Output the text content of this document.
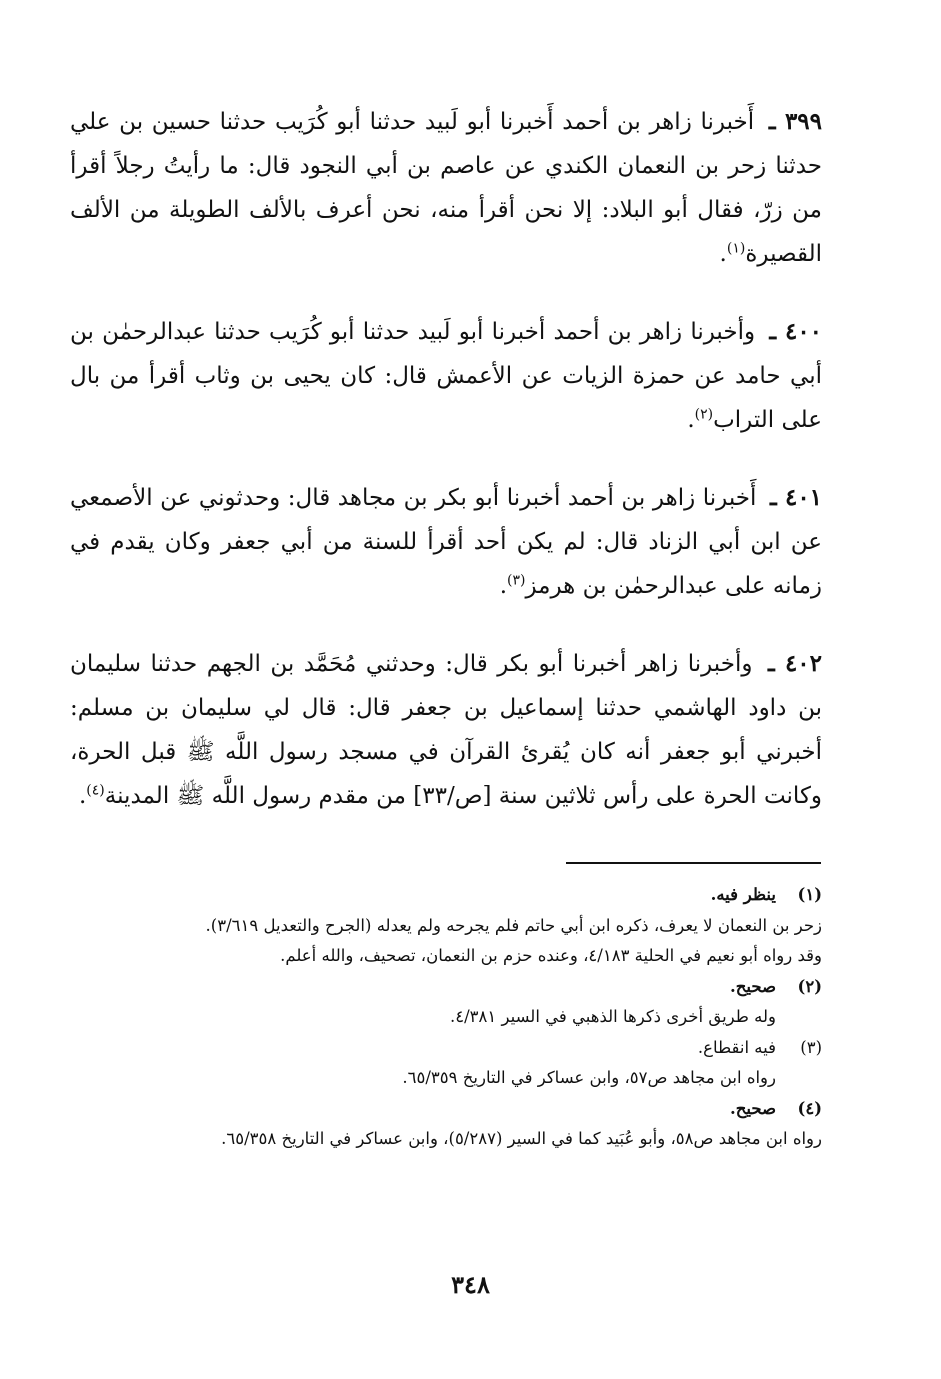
٣٩٩ ـ أَخبرنا زاهر بن أحمد أَخبرنا أبو لَبيد حدثنا أبو كُرَيب حدثنا حسين بن علي حدثنا زحر بن النعمان الكندي عن عاصم بن أبي النجود قال: ما رأيتُ رجلاً أقرأ من زرّ، فقال أبو البلاد: إلا نحن أقرأ منه، نحن أعرف بالألف الطويلة من الألف القصيرة$^{(١)}$.

٤٠٠ ـ وأخبرنا زاهر بن أحمد أخبرنا أبو لَبيد حدثنا أبو كُرَيب حدثنا عبدالرحمٰن بن أبي حامد عن حمزة الزيات عن الأعمش قال: كان يحيى بن وثاب أقرأ من بال على التراب$^{(٢)}$.

٤٠١ ـ أَخبرنا زاهر بن أحمد أخبرنا أبو بكر بن مجاهد قال: وحدثوني عن الأصمعي عن ابن أبي الزناد قال: لم يكن أحد أقرأ للسنة من أبي جعفر وكان يقدم في زمانه على عبدالرحمٰن بن هرمز$^{(٣)}$.

٤٠٢ ـ وأخبرنا زاهر أخبرنا أبو بكر قال: وحدثني مُحَمَّد بن الجهم حدثنا سليمان بن داود الهاشمي حدثنا إسماعيل بن جعفر قال: قال لي سليمان بن مسلم: أخبرني أبو جعفر أنه كان يُقرئ القرآن في مسجد رسول اللَّه ﷺ قبل الحرة، وكانت الحرة على رأس ثلاثين سنة [ص/٣٣] من مقدم رسول اللَّه ﷺ المدينة$^{(٤)}$.

(١)
ينظر فيه.
زحر بن النعمان لا يعرف، ذكره ابن أبي حاتم فلم يجرحه ولم يعدله (الجرح والتعديل ٣/٦١٩).
وقد رواه أبو نعيم في الحلية ٤/١٨٣، وعنده حزم بن النعمان، تصحيف، والله أعلم.
(٢)
صحيح.
وله طريق أخرى ذكرها الذهبي في السير ٤/٣٨١.
(٣)
فيه انقطاع.
رواه ابن مجاهد ص٥٧، وابن عساكر في التاريخ ٦٥/٣٥٩.
(٤)
صحيح.
رواه ابن مجاهد ص٥٨، وأبو عُبَيد كما في السير (٥/٢٨٧)، وابن عساكر في التاريخ ٦٥/٣٥٨.
٣٤٨
